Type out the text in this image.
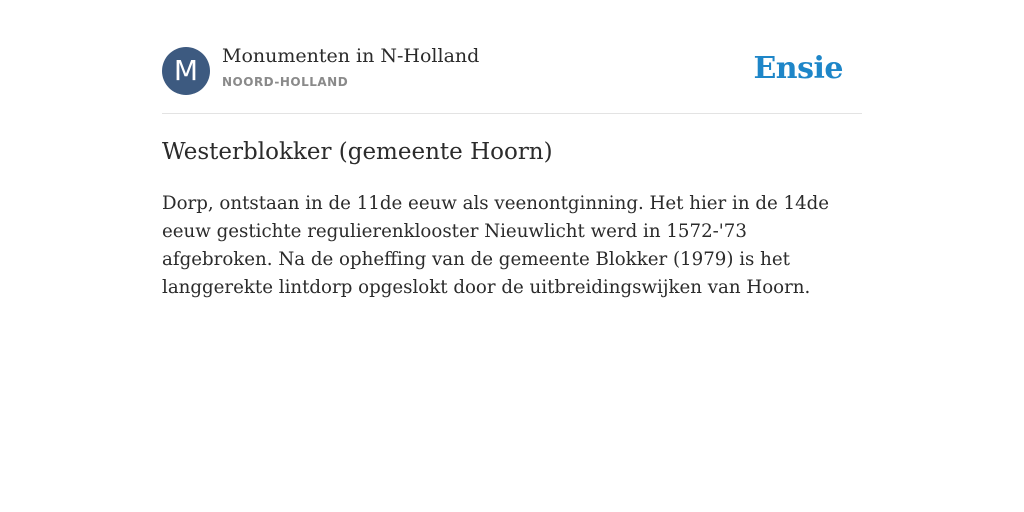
M	Monumenten in N-Holland
NOORD-HOLLAND	Ensie
Westerblokker (gemeente Hoorn)

Dorp, ontstaan in de 11de eeuw als veenontginning. Het hier in de 14de eeuw gestichte regulierenklooster Nieuwlicht werd in 1572-'73 afgebroken. Na de opheffing van de gemeente Blokker (1979) is het langgerekte lintdorp opgeslokt door de uitbreidingswijken van Hoorn.
